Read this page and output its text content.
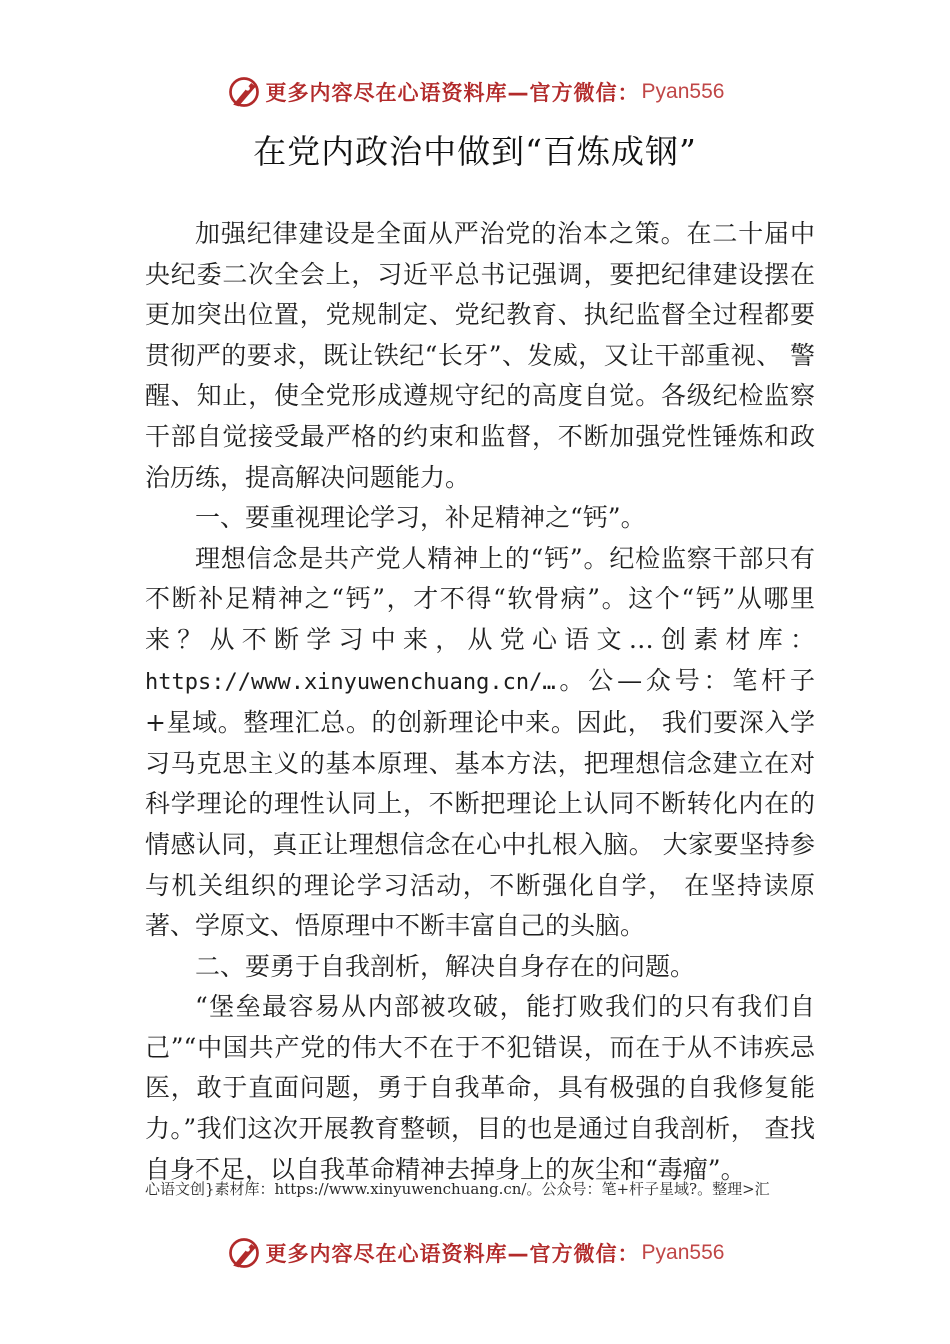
更多内容尽在心语资料库—官方微信： Pyan556
在党内政治中做到“百炼成钢”

加强纪律建设是全面从严治党的治本之策。在二十届中央纪委二次全会上，习近平总书记强调，要把纪律建设摆在更加突出位置，党规制定、党纪教育、执纪监督全过程都要贯彻严的要求，既让铁纪“长牙”、发威，又让干部重视、 警醒、知止，使全党形成遵规守纪的高度自觉。各级纪检监察干部自觉接受最严格的约束和监督，不断加强党性锤炼和政治历练，提高解决问题能力。

一、要重视理论学习，补足精神之“钙”。

理想信念是共产党人精神上的“钙”。纪检监察干部只有不断补足精神之“钙”，才不得“软骨病”。这个“钙”从哪里来？从不断学习中来，从党心语文…创素材库：https://www.xinyuwenchuang.cn/…。公—众号：笔杆子+星域。整理汇总。的创新理论中来。因此， 我们要深入学习马克思主义的基本原理、基本方法，把理想信念建立在对科学理论的理性认同上，不断把理论上认同不断转化内在的情感认同，真正让理想信念在心中扎根入脑。 大家要坚持参与机关组织的理论学习活动，不断强化自学， 在坚持读原著、学原文、悟原理中不断丰富自己的头脑。

二、要勇于自我剖析，解决自身存在的问题。

“堡垒最容易从内部被攻破，能打败我们的只有我们自己”“中国共产党的伟大不在于不犯错误，而在于从不讳疾忌医，敢于直面问题，勇于自我革命，具有极强的自我修复能力。”我们这次开展教育整顿，目的也是通过自我剖析， 查找自身不足，以自我革命精神去掉身上的灰尘和“毒瘤”。

心语文创}素材库：https://www.xinyuwenchuang.cn/。公众号：笔+杆子星域?。整理>汇
更多内容尽在心语资料库—官方微信： Pyan556
